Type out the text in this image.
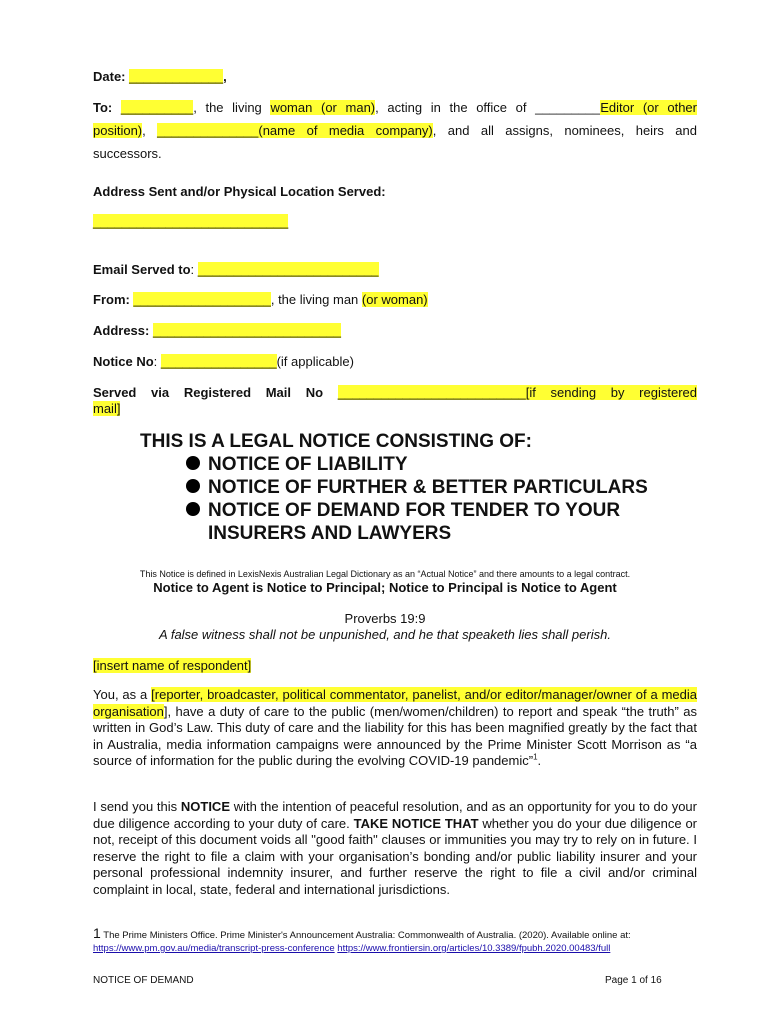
Date: _____________,
To: __________, the living woman (or man), acting in the office of _________Editor (or other
position), ______________(name of media company), and all assigns, nominees, heirs and
successors.
Address Sent and/or Physical Location Served:
___________________________
Email Served to: _________________________
From: ___________________, the living man (or woman)
Address: __________________________
Notice No: ________________(if applicable)
Served via Registered Mail No __________________________[if sending by registered
mail]
THIS IS A LEGAL NOTICE CONSISTING OF:
NOTICE OF LIABILITY
NOTICE OF FURTHER & BETTER PARTICULARS
NOTICE OF DEMAND FOR TENDER TO YOUR
INSURERS AND LAWYERS
This Notice is defined in LexisNexis Australian Legal Dictionary as an “Actual Notice” and there amounts to a legal contract.
Notice to Agent is Notice to Principal; Notice to Principal is Notice to Agent
Proverbs 19:9
A false witness shall not be unpunished, and he that speaketh lies shall perish.
[insert name of respondent]
You, as a [reporter, broadcaster, political commentator, panelist, and/or editor/manager/owner of a media organisation], have a duty of care to the public (men/women/children) to report and speak “the truth” as written in God’s Law. This duty of care and the liability for this has been magnified greatly by the fact that in Australia, media information campaigns were announced by the Prime Minister Scott Morrison as “a source of information for the public during the evolving COVID-19 pandemic”$^1$.
I send you this NOTICE with the intention of peaceful resolution, and as an opportunity for you to do your due diligence according to your duty of care. TAKE NOTICE THAT whether you do your due diligence or not, receipt of this document voids all "good faith" clauses or immunities you may try to rely on in future. I reserve the right to file a claim with your organisation’s bonding and/or public liability insurer and your personal professional indemnity insurer, and further reserve the right to file a civil and/or criminal complaint in local, state, federal and international jurisdictions.
1 The Prime Ministers Office. Prime Minister's Announcement Australia: Commonwealth of Australia. (2020). Available online at:
https://www.pm.gov.au/media/transcript-press-conference https://www.frontiersin.org/articles/10.3389/fpubh.2020.00483/full
NOTICE OF DEMAND	Page 1 of 16
